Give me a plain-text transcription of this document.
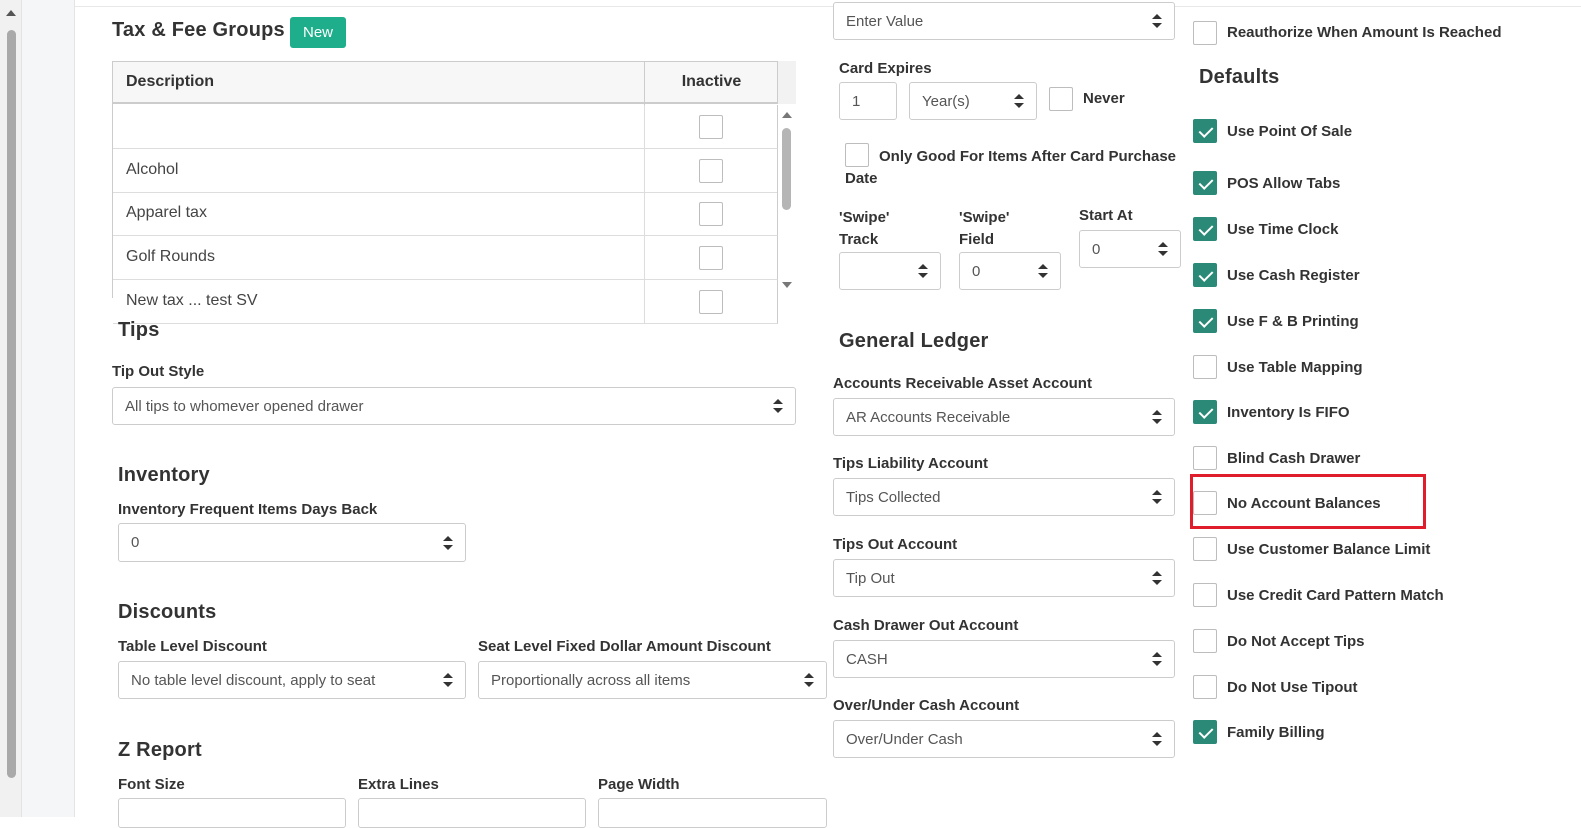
Tax & Fee Groups	New
Description	Inactive
Alcohol
Apparel tax
Golf Rounds
New tax ... test SV
Tips
Tip Out Style
All tips to whomever opened drawer
Inventory
Inventory Frequent Items Days Back
0
Discounts
Table Level Discount
No table level discount, apply to seat
Seat Level Fixed Dollar Amount Discount
Proportionally across all items
Z Report
Font Size	Extra Lines	Page Width
Enter Value
Card Expires
1	Year(s)	Never
Only Good For Items After Card Purchase Date
'Swipe' Track
'Swipe' Field
0
Start At
0
General Ledger
Accounts Receivable Asset Account
AR Accounts Receivable
Tips Liability Account
Tips Collected
Tips Out Account
Tip Out
Cash Drawer Out Account
CASH
Over/Under Cash Account
Over/Under Cash
Reauthorize When Amount Is Reached
Defaults
Use Point Of Sale
POS Allow Tabs
Use Time Clock
Use Cash Register
Use F & B Printing
Use Table Mapping
Inventory Is FIFO
Blind Cash Drawer
No Account Balances
Use Customer Balance Limit
Use Credit Card Pattern Match
Do Not Accept Tips
Do Not Use Tipout
Family Billing
